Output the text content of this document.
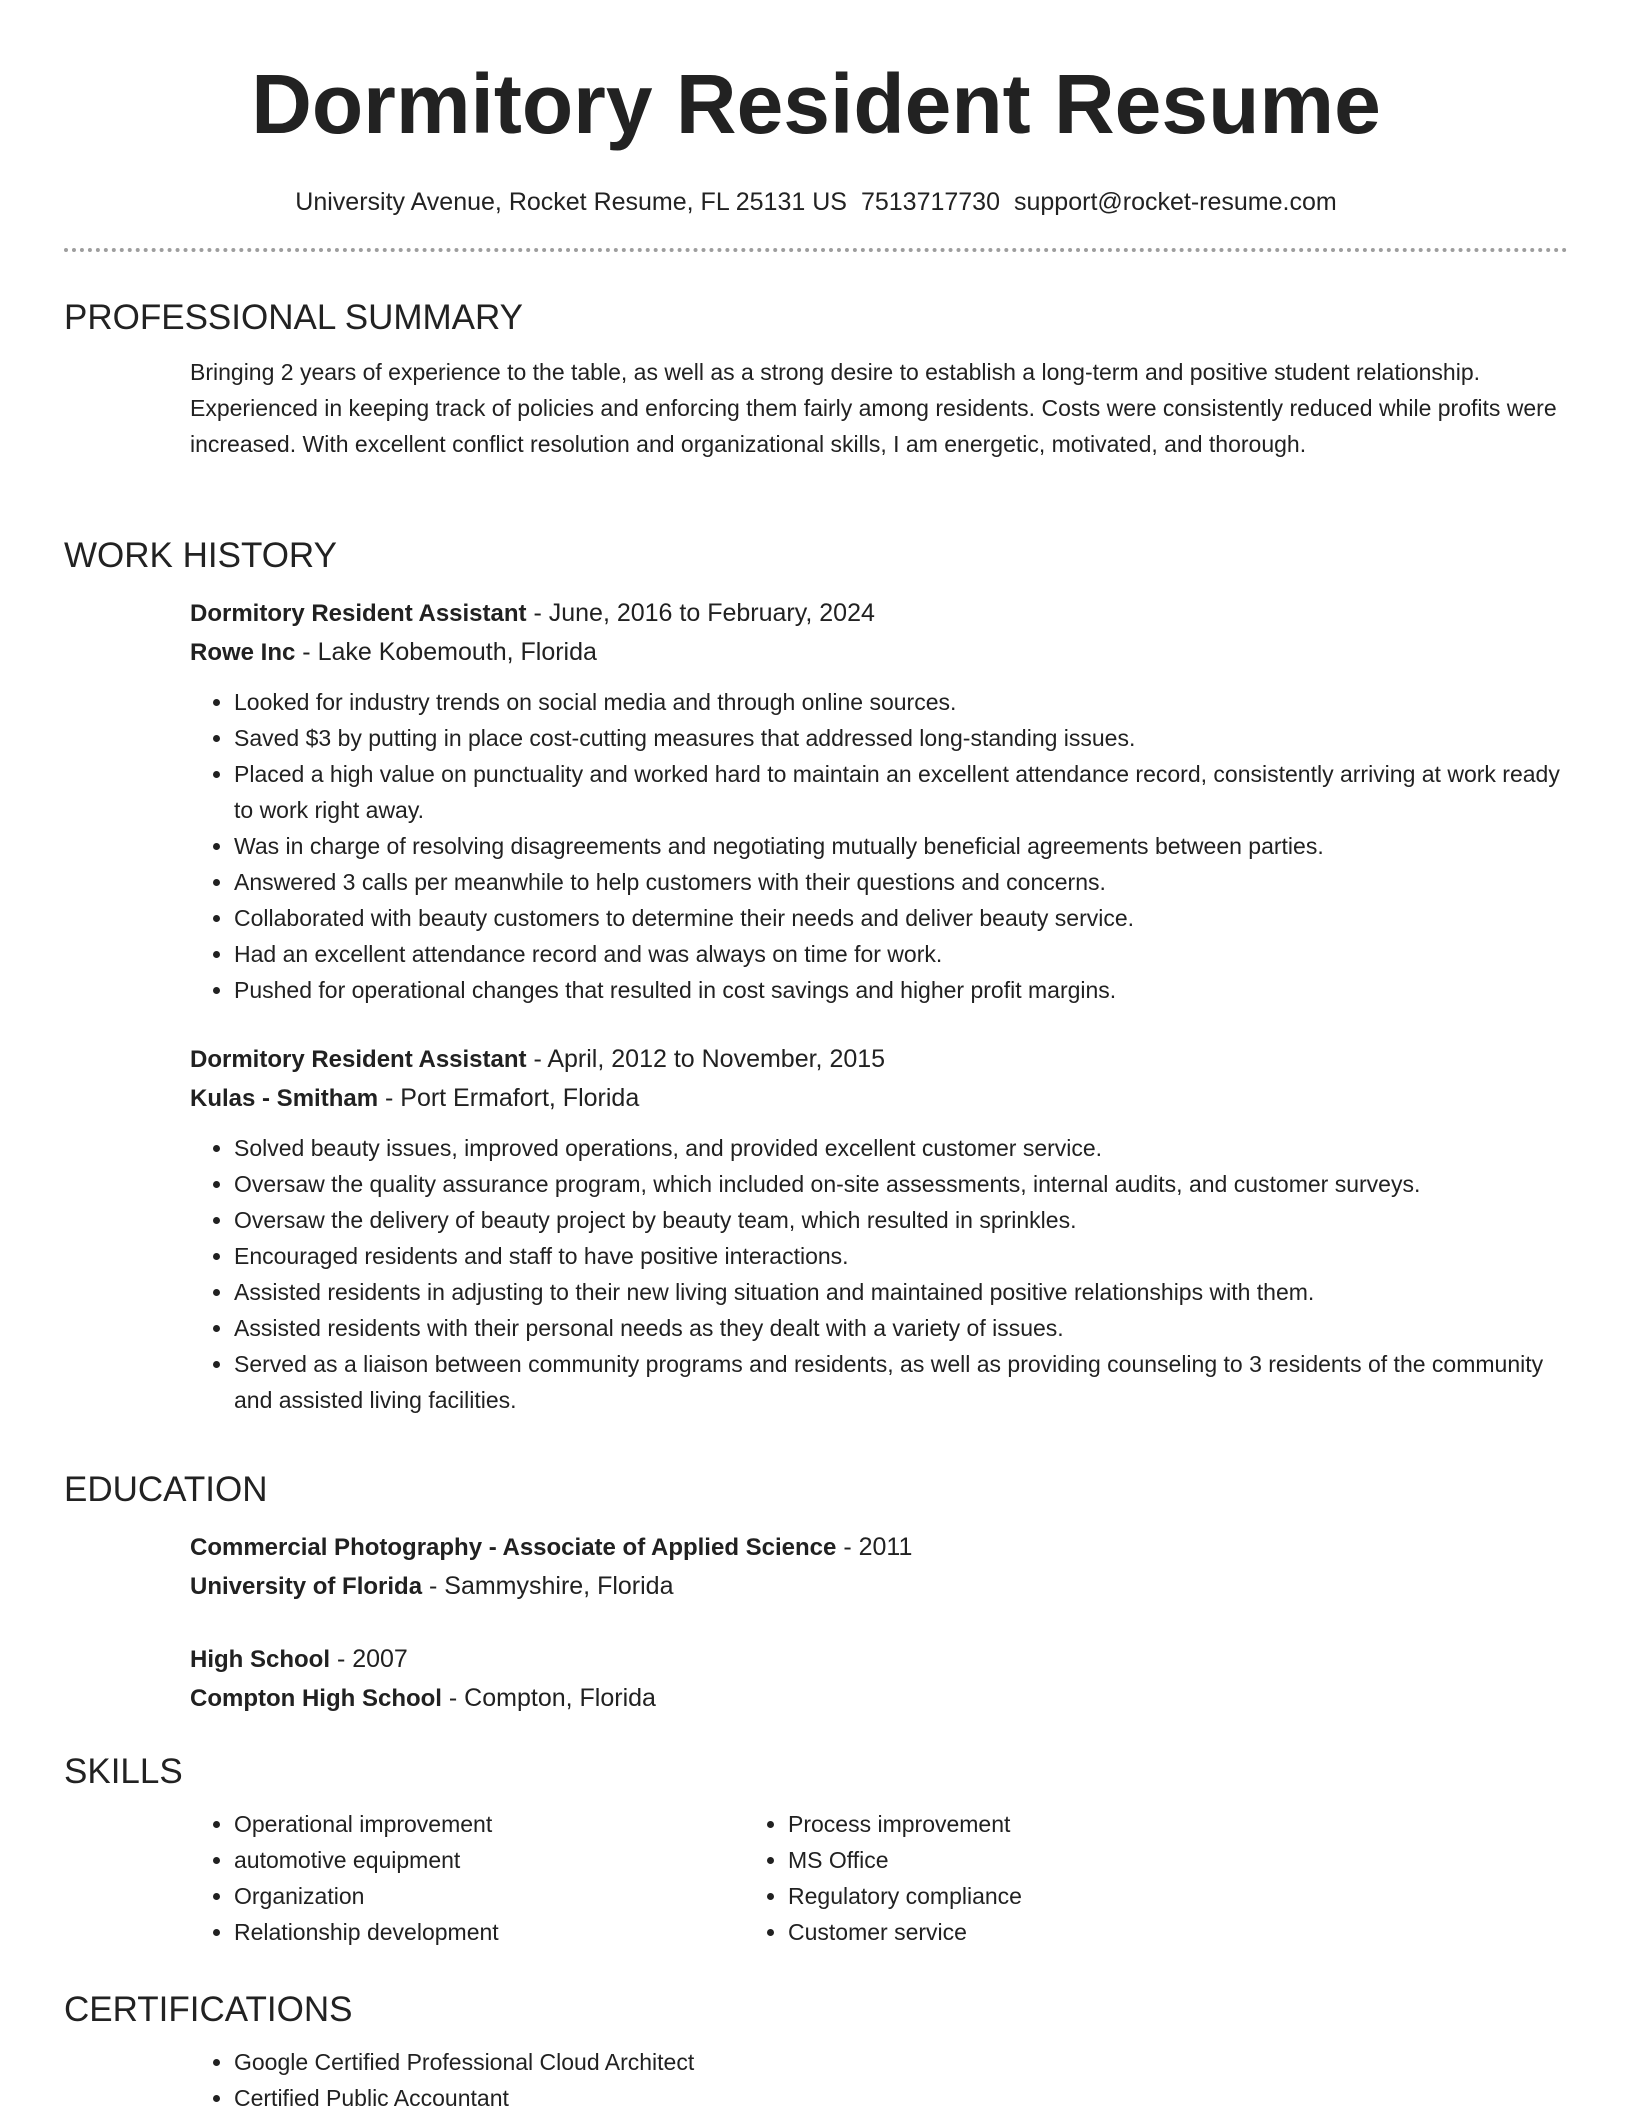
Dormitory Resident Resume
University Avenue, Rocket Resume, FL 25131 US 7513717730 support@rocket-resume.com
PROFESSIONAL SUMMARY

Bringing 2 years of experience to the table, as well as a strong desire to establish a long-term and positive student relationship. Experienced in keeping track of policies and enforcing them fairly among residents. Costs were consistently reduced while profits were increased. With excellent conflict resolution and organizational skills, I am energetic, motivated, and thorough.

WORK HISTORY
Dormitory Resident Assistant - June, 2016 to February, 2024
Rowe Inc - Lake Kobemouth, Florida
• Looked for industry trends on social media and through online sources.
• Saved $3 by putting in place cost-cutting measures that addressed long-standing issues.
• Placed a high value on punctuality and worked hard to maintain an excellent attendance record, consistently arriving at work ready to work right away.
• Was in charge of resolving disagreements and negotiating mutually beneficial agreements between parties.
• Answered 3 calls per meanwhile to help customers with their questions and concerns.
• Collaborated with beauty customers to determine their needs and deliver beauty service.
• Had an excellent attendance record and was always on time for work.
• Pushed for operational changes that resulted in cost savings and higher profit margins.
Dormitory Resident Assistant - April, 2012 to November, 2015
Kulas - Smitham - Port Ermafort, Florida
• Solved beauty issues, improved operations, and provided excellent customer service.
• Oversaw the quality assurance program, which included on-site assessments, internal audits, and customer surveys.
• Oversaw the delivery of beauty project by beauty team, which resulted in sprinkles.
• Encouraged residents and staff to have positive interactions.
• Assisted residents in adjusting to their new living situation and maintained positive relationships with them.
• Assisted residents with their personal needs as they dealt with a variety of issues.
• Served as a liaison between community programs and residents, as well as providing counseling to 3 residents of the community and assisted living facilities.
EDUCATION
Commercial Photography - Associate of Applied Science - 2011
University of Florida - Sammyshire, Florida
High School - 2007
Compton High School - Compton, Florida
SKILLS
• Operational improvement
• automotive equipment
• Organization
• Relationship development
• Process improvement
• MS Office
• Regulatory compliance
• Customer service
CERTIFICATIONS
• Google Certified Professional Cloud Architect
• Certified Public Accountant
